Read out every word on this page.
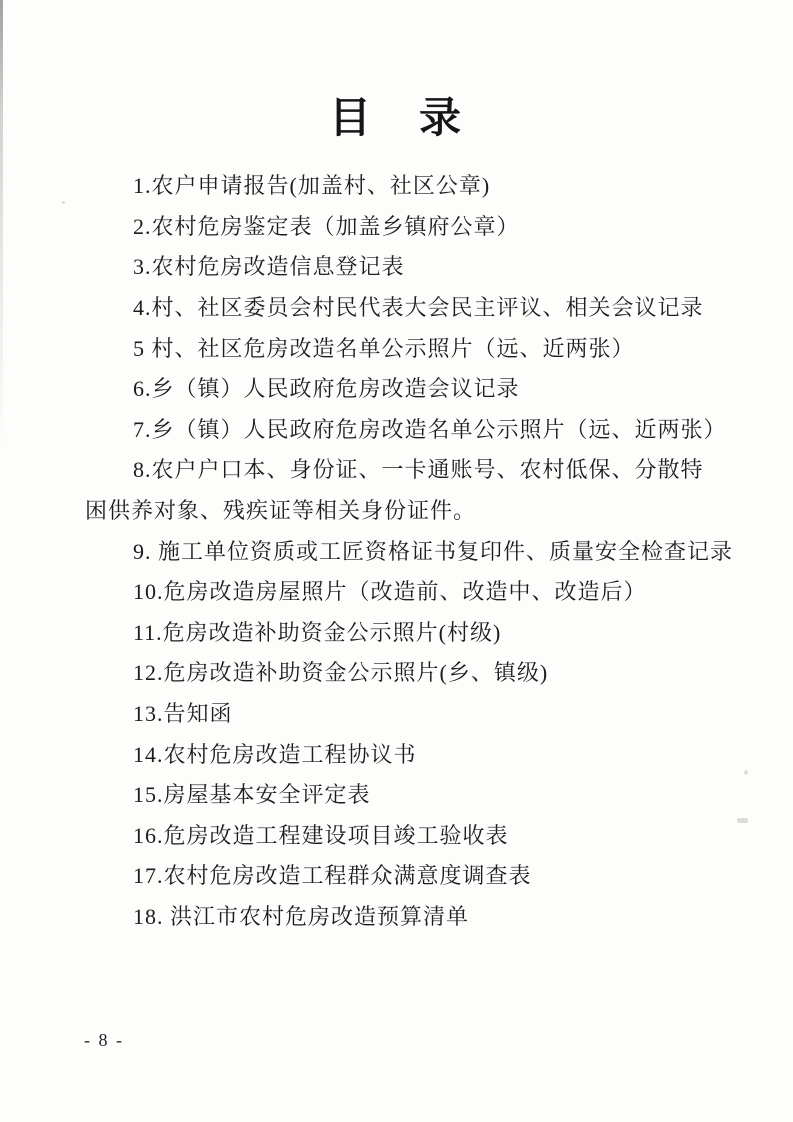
目　录

1.农户申请报告(加盖村、社区公章)

2.农村危房鉴定表（加盖乡镇府公章）

3.农村危房改造信息登记表

4.村、社区委员会村民代表大会民主评议、相关会议记录

5 村、社区危房改造名单公示照片（远、近两张）

6.乡（镇）人民政府危房改造会议记录

7.乡（镇）人民政府危房改造名单公示照片（远、近两张）

8.农户户口本、身份证、一卡通账号、农村低保、分散特困供养对象、残疾证等相关身份证件。

9. 施工单位资质或工匠资格证书复印件、质量安全检查记录

10.危房改造房屋照片（改造前、改造中、改造后）

11.危房改造补助资金公示照片(村级)

12.危房改造补助资金公示照片(乡、镇级)

13.告知函

14.农村危房改造工程协议书

15.房屋基本安全评定表

16.危房改造工程建设项目竣工验收表

17.农村危房改造工程群众满意度调查表

18. 洪江市农村危房改造预算清单

- 8 -
